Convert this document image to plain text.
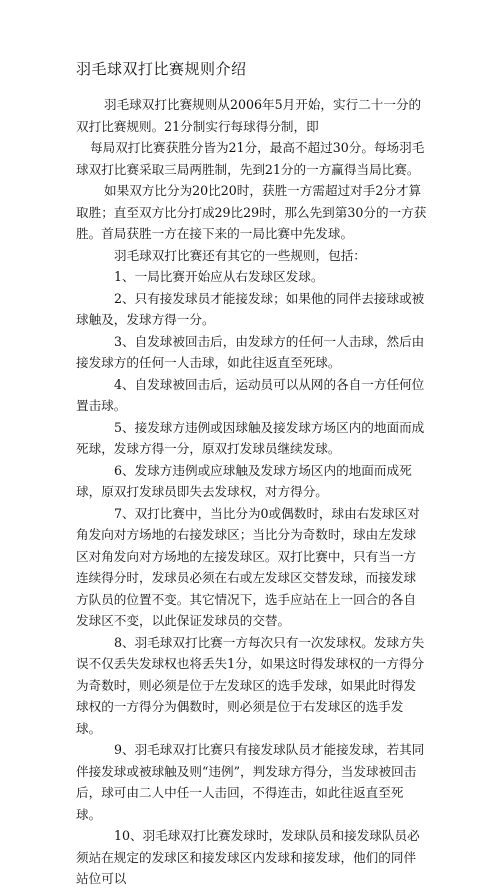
羽毛球双打比赛规则介绍

羽毛球双打比赛规则从2006年5月开始，实行二十一分的双打比赛规则。21分制实行每球得分制，即

每局双打比赛获胜分皆为21分，最高不超过30分。每场羽毛球双打比赛采取三局两胜制，先到21分的一方赢得当局比赛。

如果双方比分为20比20时，获胜一方需超过对手2分才算取胜；直至双方比分打成29比29时，那么先到第30分的一方获胜。首局获胜一方在接下来的一局比赛中先发球。

羽毛球双打比赛还有其它的一些规则，包括：

1、一局比赛开始应从右发球区发球。

2、只有接发球员才能接发球；如果他的同伴去接球或被球触及，发球方得一分。

3、自发球被回击后，由发球方的任何一人击球，然后由接发球方的任何一人击球，如此往返直至死球。

4、自发球被回击后，运动员可以从网的各自一方任何位置击球。

5、接发球方违例或因球触及接发球方场区内的地面而成死球，发球方得一分，原双打发球员继续发球。

6、发球方违例或应球触及发球方场区内的地面而成死球，原双打发球员即失去发球权，对方得分。

7、双打比赛中，当比分为0或偶数时，球由右发球区对角发向对方场地的右接发球区；当比分为奇数时，球由左发球区对角发向对方场地的左接发球区。双打比赛中，只有当一方连续得分时，发球员必须在右或左发球区交替发球，而接发球方队员的位置不变。其它情况下，选手应站在上一回合的各自发球区不变，以此保证发球员的交替。

8、羽毛球双打比赛一方每次只有一次发球权。发球方失误不仅丢失发球权也将丢失1分，如果这时得发球权的一方得分为奇数时，则必须是位于左发球区的选手发球，如果此时得发球权的一方得分为偶数时，则必须是位于右发球区的选手发球。

9、羽毛球双打比赛只有接发球队员才能接发球，若其同伴接发球或被球触及则“违例”，判发球方得分，当发球被回击后，球可由二人中任一人击回，不得连击，如此往返直至死球。

10、羽毛球双打比赛发球时，发球队员和接发球队员必须站在规定的发球区和接发球区内发球和接发球，他们的同伴站位可以
